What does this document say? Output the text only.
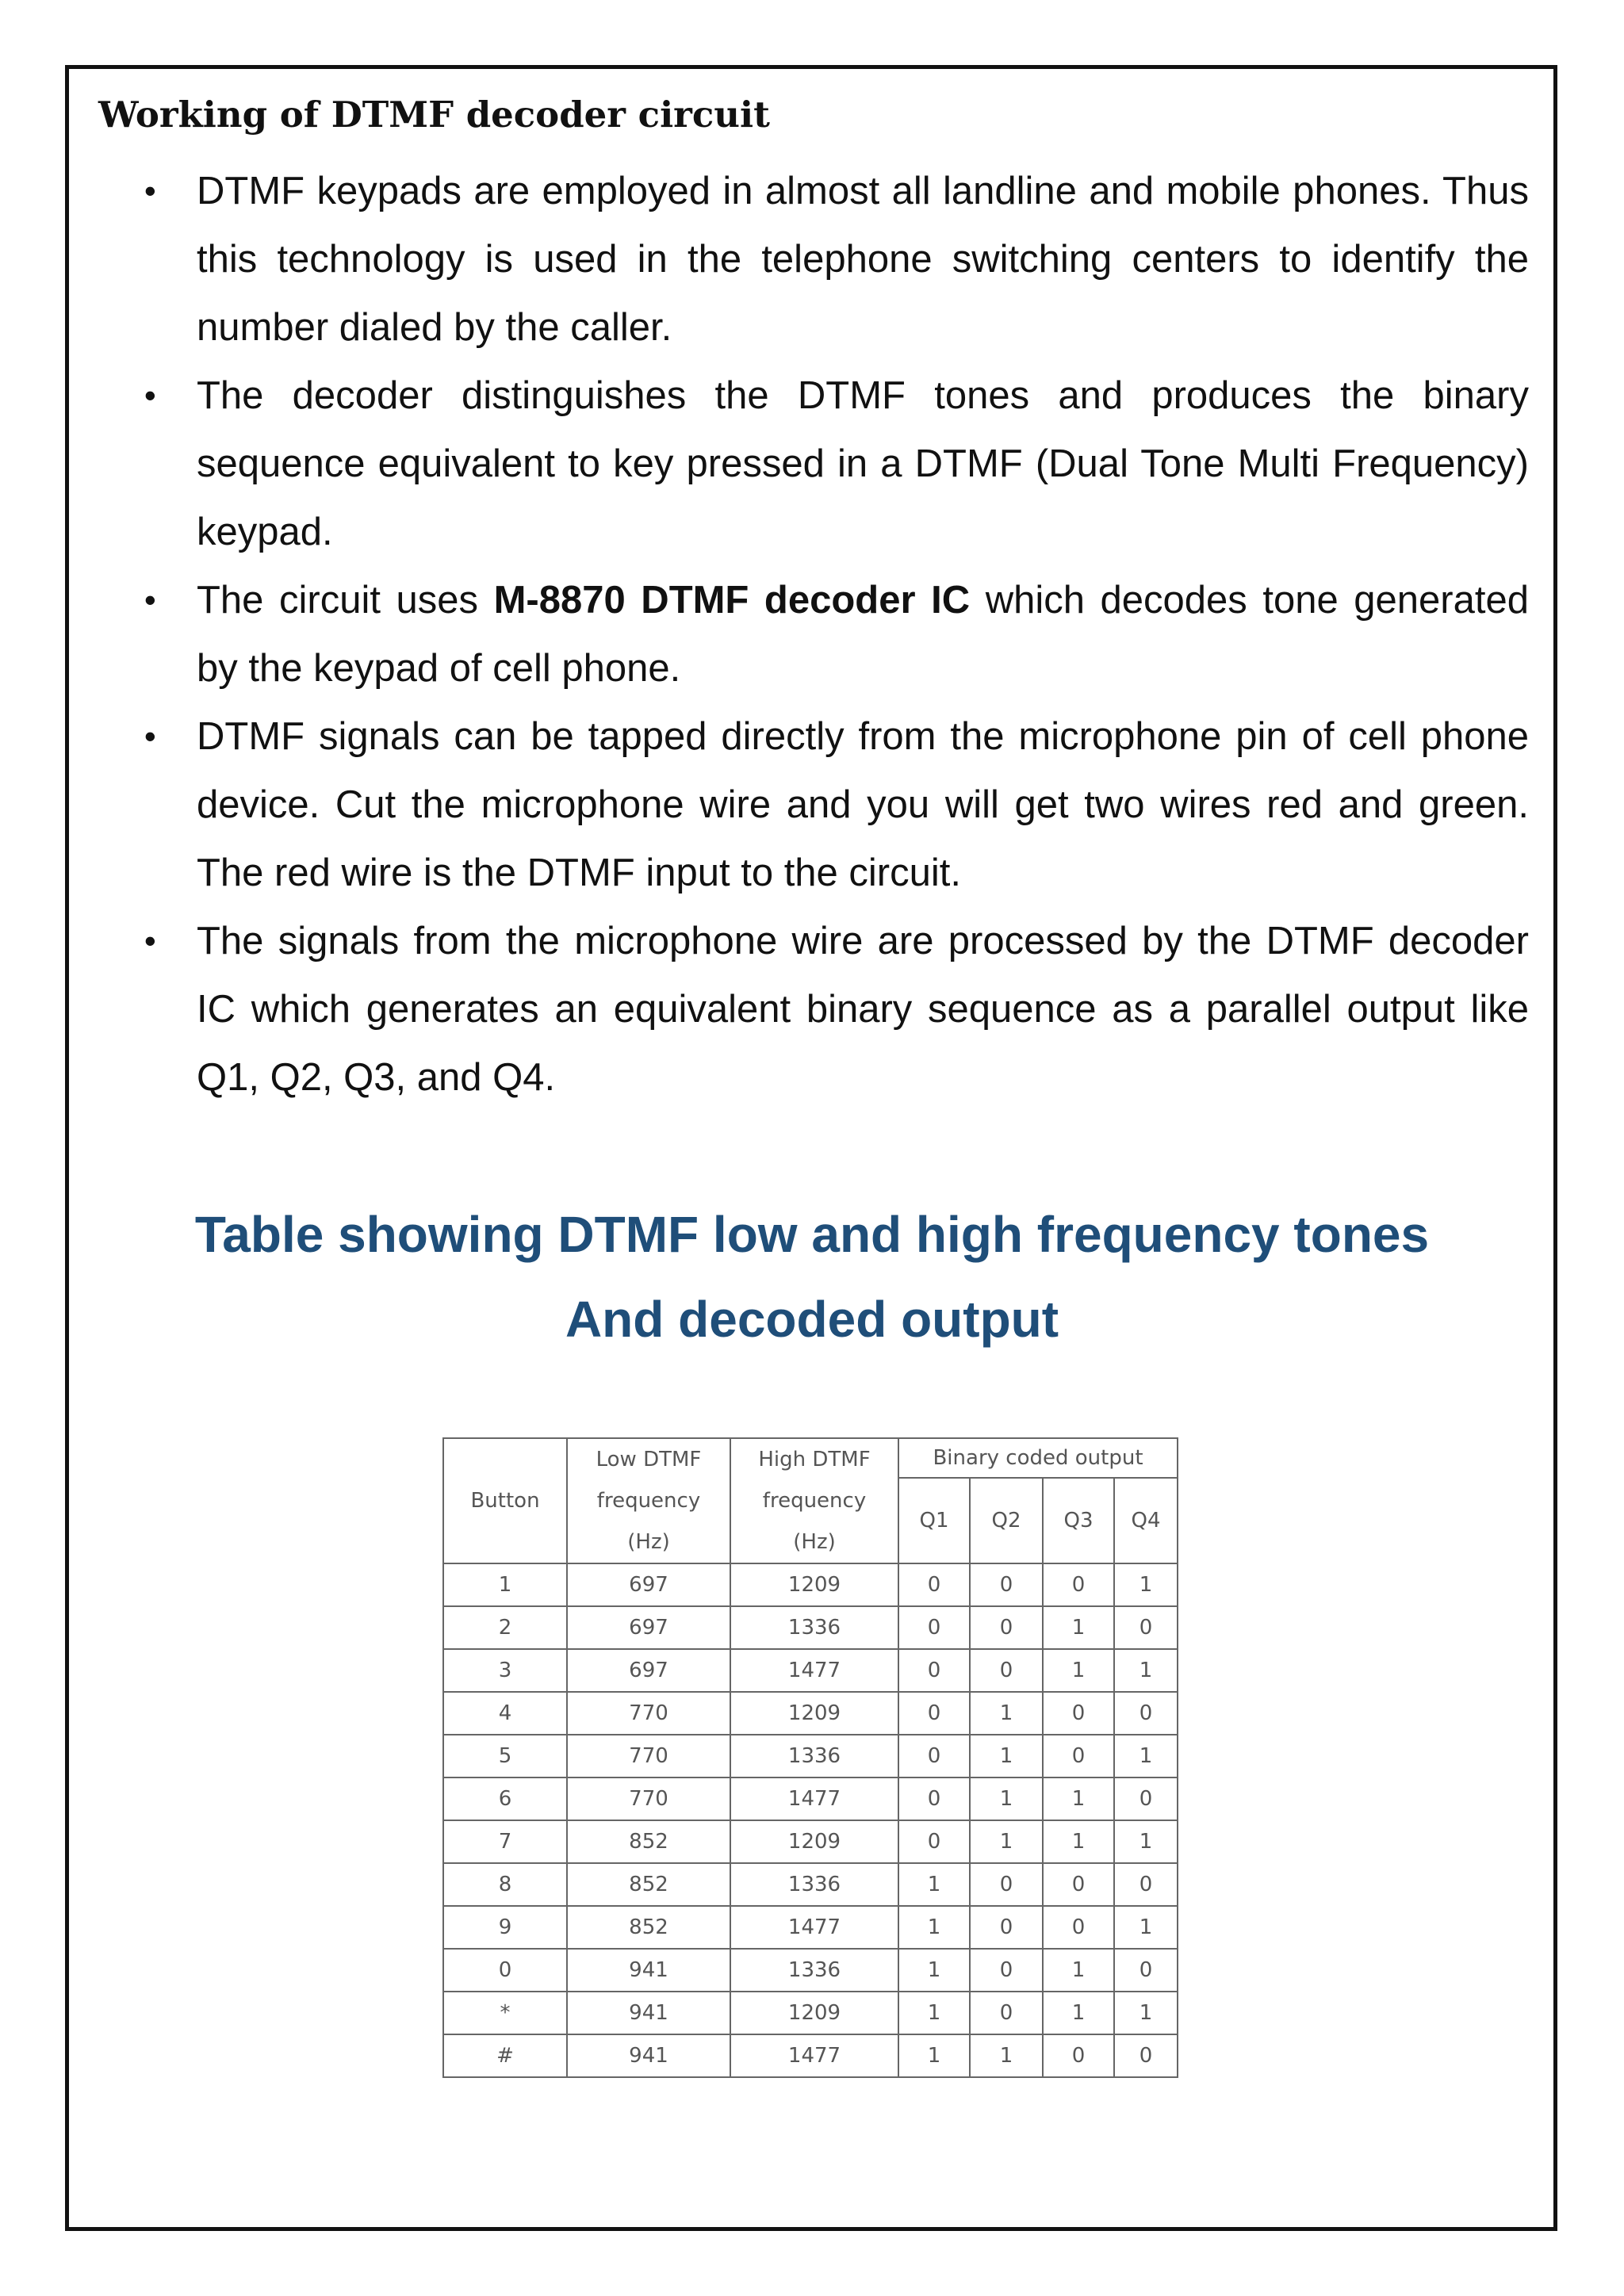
Working of DTMF decoder circuit
• DTMF keypads are employed in almost all landline and mobile phones. Thus this technology is used in the telephone switching centers to identify the number dialed by the caller.
• The decoder distinguishes the DTMF tones and produces the binary sequence equivalent to key pressed in a DTMF (Dual Tone Multi Frequency) keypad.
• The circuit uses M-8870 DTMF decoder IC which decodes tone generated by the keypad of cell phone.
• DTMF signals can be tapped directly from the microphone pin of cell phone device. Cut the microphone wire and you will get two wires red and green. The red wire is the DTMF input to the circuit.
• The signals from the microphone wire are processed by the DTMF decoder IC which generates an equivalent binary sequence as a parallel output like Q1, Q2, Q3, and Q4.
Table showing DTMF low and high frequency tones
And decoded output
Button	Low DTMF
frequency
(Hz)	High DTMF
frequency
(Hz)	Binary coded output			
			Q1	Q2	Q3	Q4
1	697	1209	0	0	0	1
2	697	1336	0	0	1	0
3	697	1477	0	0	1	1
4	770	1209	0	1	0	0
5	770	1336	0	1	0	1
6	770	1477	0	1	1	0
7	852	1209	0	1	1	1
8	852	1336	1	0	0	0
9	852	1477	1	0	0	1
0	941	1336	1	0	1	0
*	941	1209	1	0	1	1
#	941	1477	1	1	0	0
